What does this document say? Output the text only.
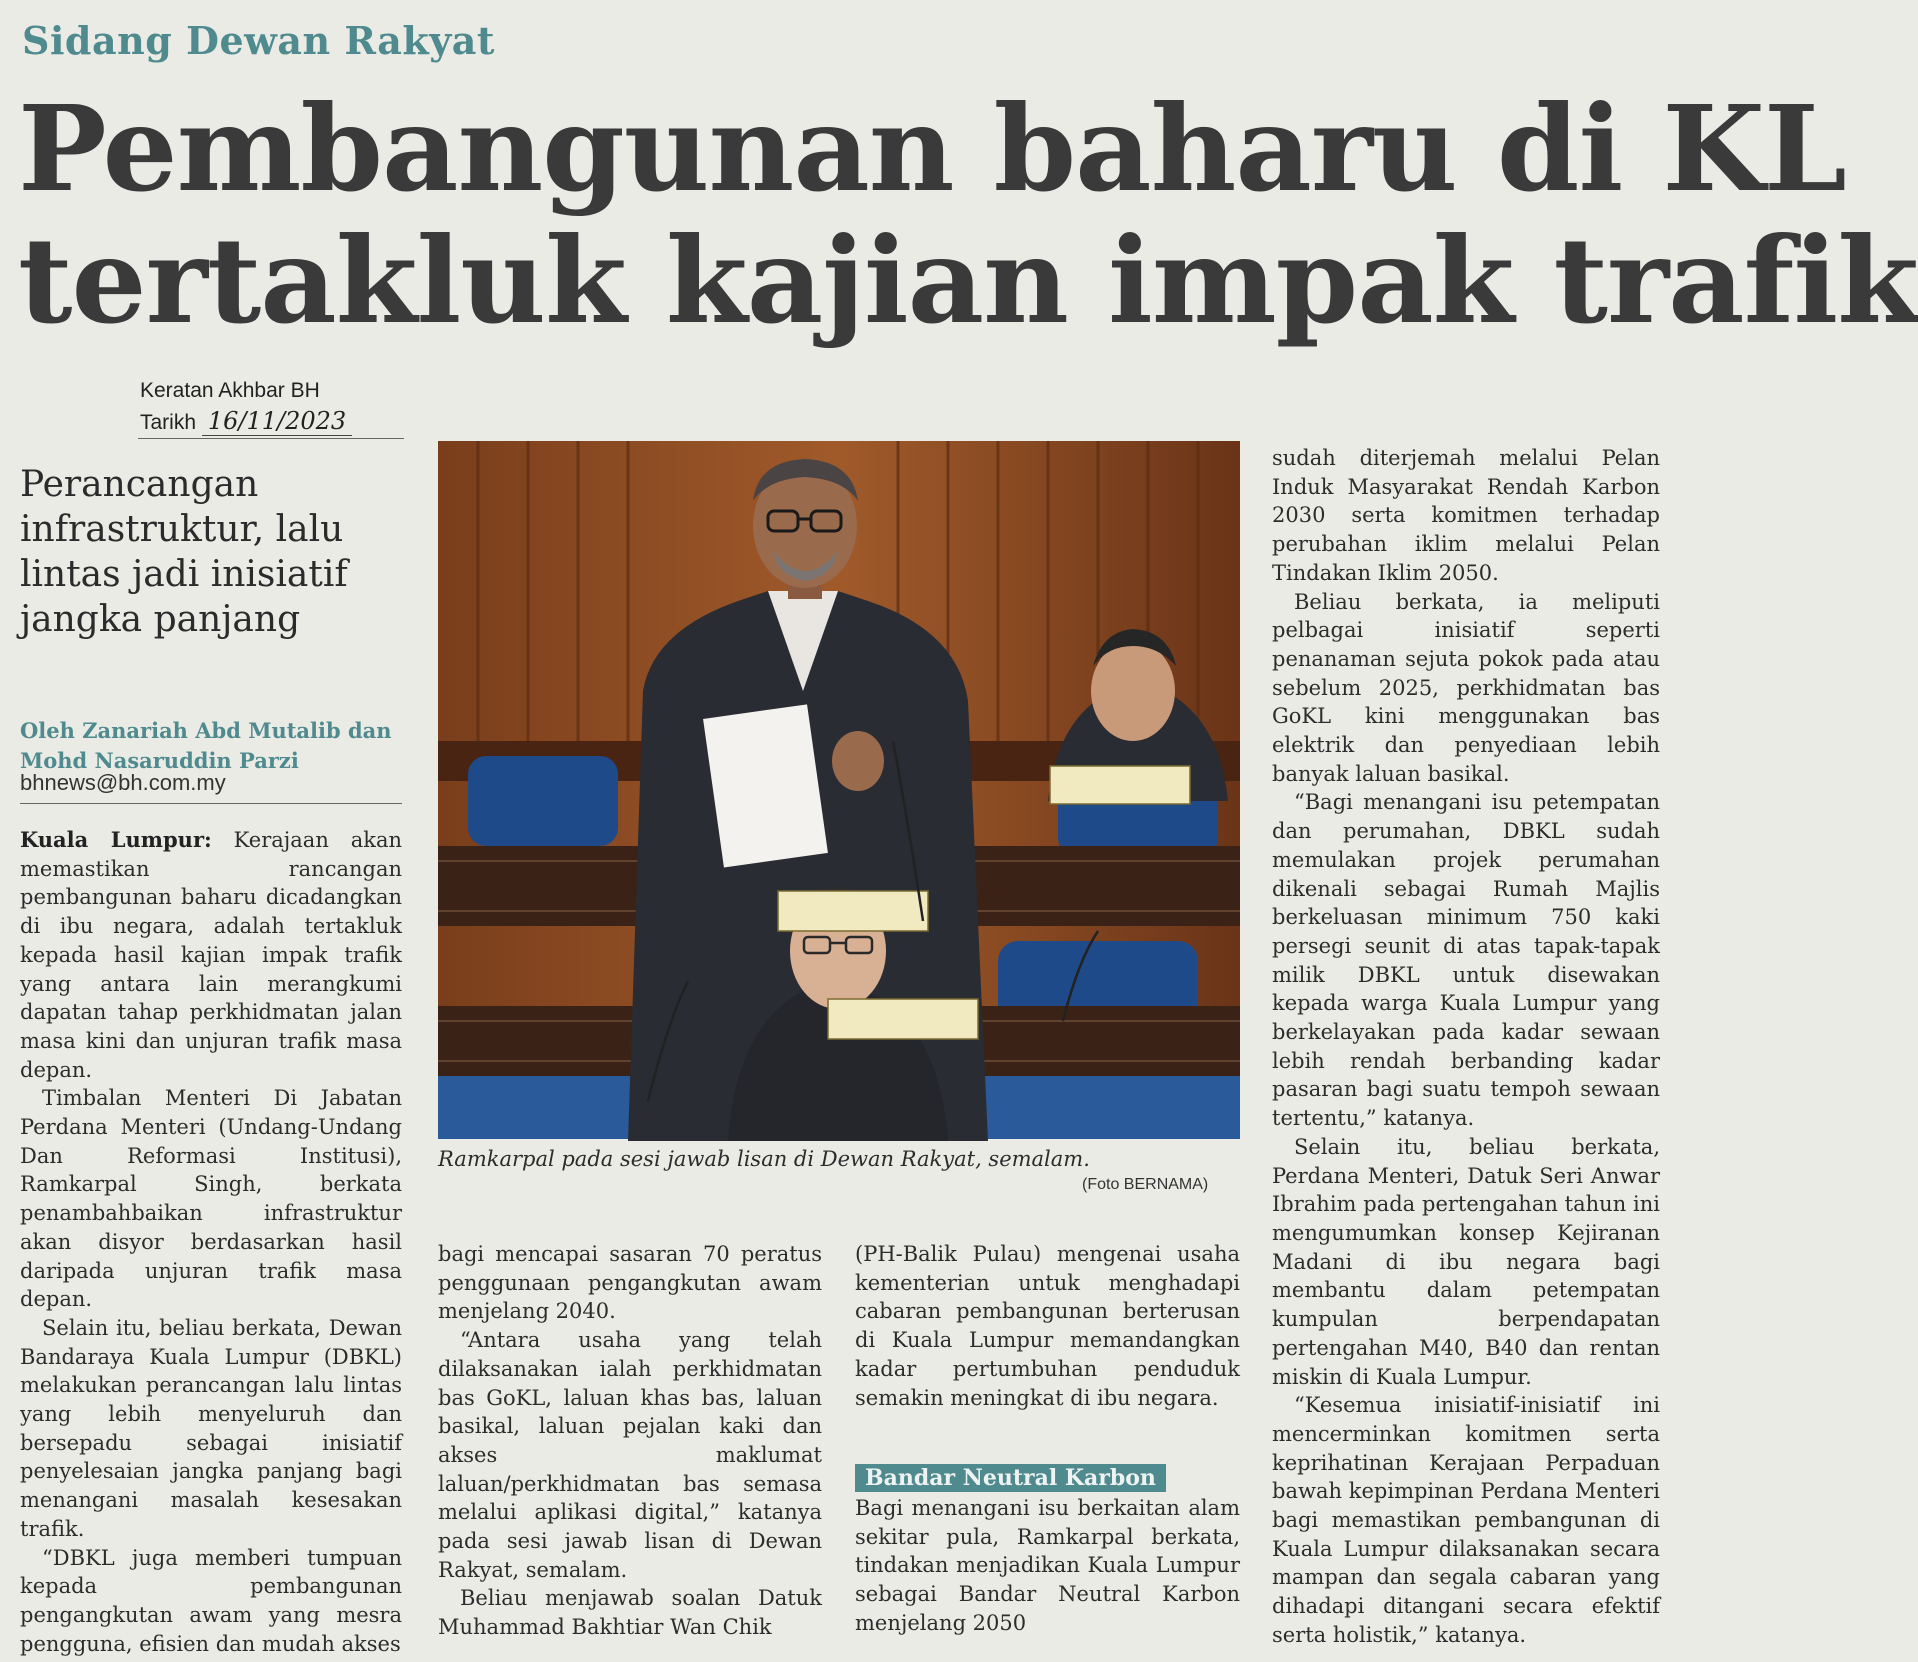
Sidang Dewan Rakyat
Pembangunan baharu di KL
tertakluk kajian impak trafik
Keratan Akhbar BH
Tarikh 16/11/2023
Perancangan infrastruktur, lalu lintas jadi inisiatif jangka panjang
Oleh Zanariah Abd Mutalib dan Mohd Nasaruddin Parzi
bhnews@bh.com.my

Kuala Lumpur: Kerajaan akan memastikan rancangan pembangunan baharu dicadangkan di ibu negara, adalah tertakluk kepada hasil kajian impak trafik yang antara lain merangkumi dapatan tahap perkhidmatan jalan masa kini dan unjuran trafik masa depan.

Timbalan Menteri Di Jabatan Perdana Menteri (Undang-Undang Dan Reformasi Institusi), Ramkarpal Singh, berkata penambahbaikan infrastruktur akan disyor berdasarkan hasil daripada unjuran trafik masa depan.

Selain itu, beliau berkata, Dewan Bandaraya Kuala Lumpur (DBKL) melakukan perancangan lalu lintas yang lebih menyeluruh dan bersepadu sebagai inisiatif penyelesaian jangka panjang bagi menangani masalah kesesakan trafik.

“DBKL juga memberi tumpuan kepada pembangunan pengangkutan awam yang mesra pengguna, efisien dan mudah akses

Ramkarpal pada sesi jawab lisan di Dewan Rakyat, semalam.
(Foto BERNAMA)

bagi mencapai sasaran 70 peratus penggunaan pengangkutan awam menjelang 2040.

“Antara usaha yang telah dilaksanakan ialah perkhidmatan bas GoKL, laluan khas bas, laluan basikal, laluan pejalan kaki dan akses maklumat laluan/perkhidmatan bas semasa melalui aplikasi digital,” katanya pada sesi jawab lisan di Dewan Rakyat, semalam.

Beliau menjawab soalan Datuk Muhammad Bakhtiar Wan Chik

(PH-Balik Pulau) mengenai usaha kementerian untuk menghadapi cabaran pembangunan berterusan di Kuala Lumpur memandangkan kadar pertumbuhan penduduk semakin meningkat di ibu negara.

Bandar Neutral Karbon

Bagi menangani isu berkaitan alam sekitar pula, Ramkarpal berkata, tindakan menjadikan Kuala Lumpur sebagai Bandar Neutral Karbon menjelang 2050

sudah diterjemah melalui Pelan Induk Masyarakat Rendah Karbon 2030 serta komitmen terhadap perubahan iklim melalui Pelan Tindakan Iklim 2050.

Beliau berkata, ia meliputi pelbagai inisiatif seperti penanaman sejuta pokok pada atau sebelum 2025, perkhidmatan bas GoKL kini menggunakan bas elektrik dan penyediaan lebih banyak laluan basikal.

“Bagi menangani isu petempatan dan perumahan, DBKL sudah memulakan projek perumahan dikenali sebagai Rumah Majlis berkeluasan minimum 750 kaki persegi seunit di atas tapak-tapak milik DBKL untuk disewakan kepada warga Kuala Lumpur yang berkelayakan pada kadar sewaan lebih rendah berbanding kadar pasaran bagi suatu tempoh sewaan tertentu,” katanya.

Selain itu, beliau berkata, Perdana Menteri, Datuk Seri Anwar Ibrahim pada pertengahan tahun ini mengumumkan konsep Kejiranan Madani di ibu negara bagi membantu dalam petempatan kumpulan berpendapatan pertengahan M40, B40 dan rentan miskin di Kuala Lumpur.

“Kesemua inisiatif-inisiatif ini mencerminkan komitmen serta keprihatinan Kerajaan Perpaduan bawah kepimpinan Perdana Menteri bagi memastikan pembangunan di Kuala Lumpur dilaksanakan secara mampan dan segala cabaran yang dihadapi ditangani secara efektif serta holistik,” katanya.
